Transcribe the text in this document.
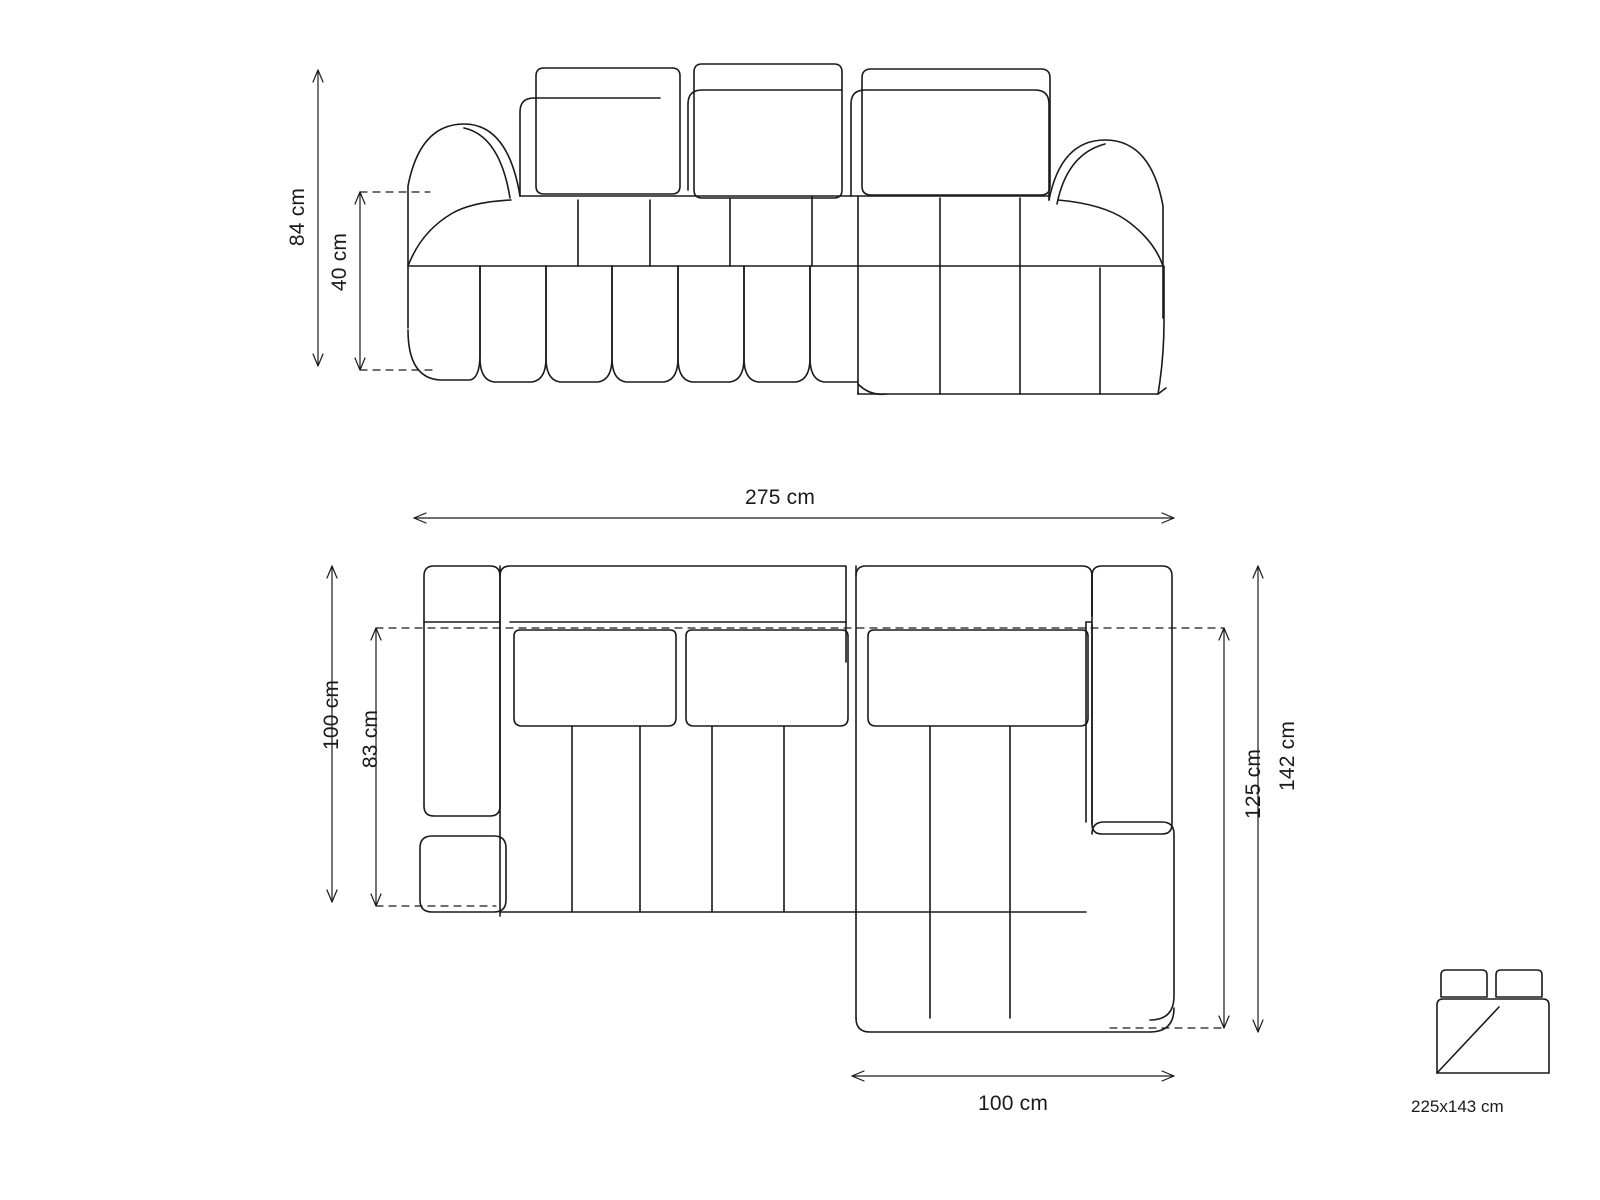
84 cm
40 cm
275 cm
100 cm 83 cm	142 cm
125 cm
100 cm	225x143 cm
